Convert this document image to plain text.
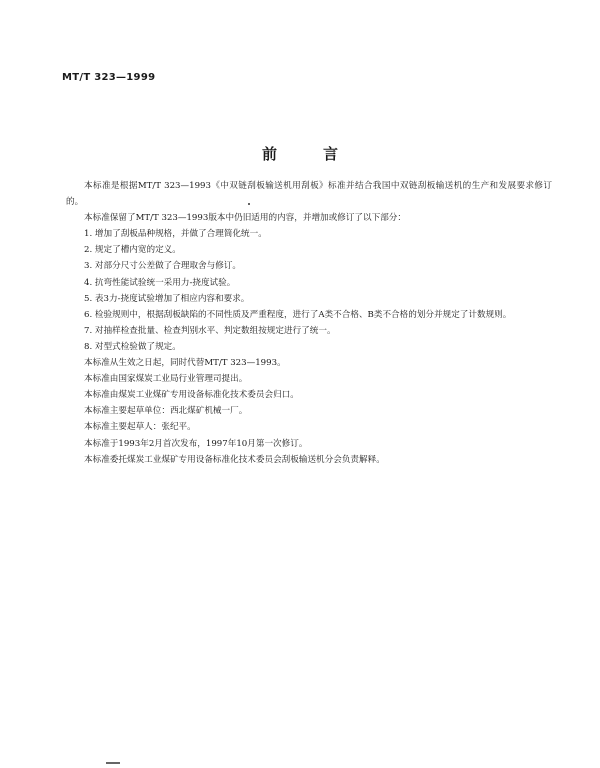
MT/T 323—1999
前	言

本标准是根据MT/T 323—1993《中双链刮板输送机用刮板》标准并结合我国中双链刮板输送机的生产和发展要求修订的。

本标准保留了MT/T 323—1993版本中仍旧适用的内容，并增加或修订了以下部分：

1. 增加了刮板品种规格，并做了合理简化统一。

2. 规定了槽内宽的定义。

3. 对部分尺寸公差做了合理取舍与修订。

4. 抗弯性能试验统一采用力-挠度试验。

5. 表3力-挠度试验增加了相应内容和要求。

6. 检验规则中，根据刮板缺陷的不同性质及严重程度，进行了A类不合格、B类不合格的划分并规定了计数规则。

7. 对抽样检查批量、检查判别水平、判定数组按规定进行了统一。

8. 对型式检验做了规定。

本标准从生效之日起，同时代替MT/T 323—1993。

本标准由国家煤炭工业局行业管理司提出。

本标准由煤炭工业煤矿专用设备标准化技术委员会归口。

本标准主要起草单位：西北煤矿机械一厂。

本标准主要起草人：张纪平。

本标准于1993年2月首次发布，1997年10月第一次修订。

本标准委托煤炭工业煤矿专用设备标准化技术委员会刮板输送机分会负责解释。
